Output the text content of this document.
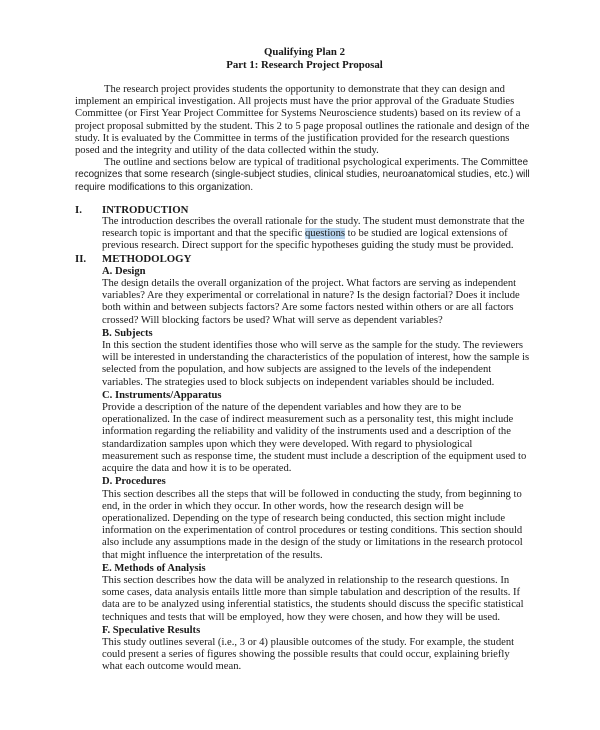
Qualifying Plan 2
Part 1: Research Project Proposal

The research project provides students the opportunity to demonstrate that they can design and implement an empirical investigation. All projects must have the prior approval of the Graduate Studies Committee (or First Year Project Committee for Systems Neuroscience students) based on its review of a project proposal submitted by the student. This 2 to 5 page proposal outlines the rationale and design of the study. It is evaluated by the Committee in terms of the justification provided for the research questions posed and the integrity and utility of the data collected within the study.

The outline and sections below are typical of traditional psychological experiments. The Committee recognizes that some research (single-subject studies, clinical studies, neuroanatomical studies, etc.) will require modifications to this organization.

I.	INTRODUCTION

The introduction describes the overall rationale for the study. The student must demonstrate that the research topic is important and that the specific questions to be studied are logical extensions of previous research. Direct support for the specific hypotheses guiding the study must be provided.

II.	METHODOLOGY
A. Design

The design details the overall organization of the project. What factors are serving as independent variables? Are they experimental or correlational in nature? Is the design factorial? Does it include both within and between subjects factors? Are some factors nested within others or are all factors crossed? Will blocking factors be used? What will serve as dependent variables?

B. Subjects

In this section the student identifies those who will serve as the sample for the study. The reviewers will be interested in understanding the characteristics of the population of interest, how the sample is selected from the population, and how subjects are assigned to the levels of the independent variables. The strategies used to block subjects on independent variables should be included.

C. Instruments/Apparatus

Provide a description of the nature of the dependent variables and how they are to be operationalized. In the case of indirect measurement such as a personality test, this might include information regarding the reliability and validity of the instruments used and a description of the standardization samples upon which they were developed. With regard to physiological measurement such as response time, the student must include a description of the equipment used to acquire the data and how it is to be operated.

D. Procedures

This section describes all the steps that will be followed in conducting the study, from beginning to end, in the order in which they occur. In other words, how the research design will be operationalized. Depending on the type of research being conducted, this section might include information on the experimentation of control procedures or testing conditions. This section should also include any assumptions made in the design of the study or limitations in the research protocol that might influence the interpretation of the results.

E. Methods of Analysis

This section describes how the data will be analyzed in relationship to the research questions. In some cases, data analysis entails little more than simple tabulation and description of the results. If data are to be analyzed using inferential statistics, the students should discuss the specific statistical techniques and tests that will be employed, how they were chosen, and how they will be used.

F. Speculative Results

This study outlines several (i.e., 3 or 4) plausible outcomes of the study. For example, the student could present a series of figures showing the possible results that could occur, explaining briefly what each outcome would mean.
